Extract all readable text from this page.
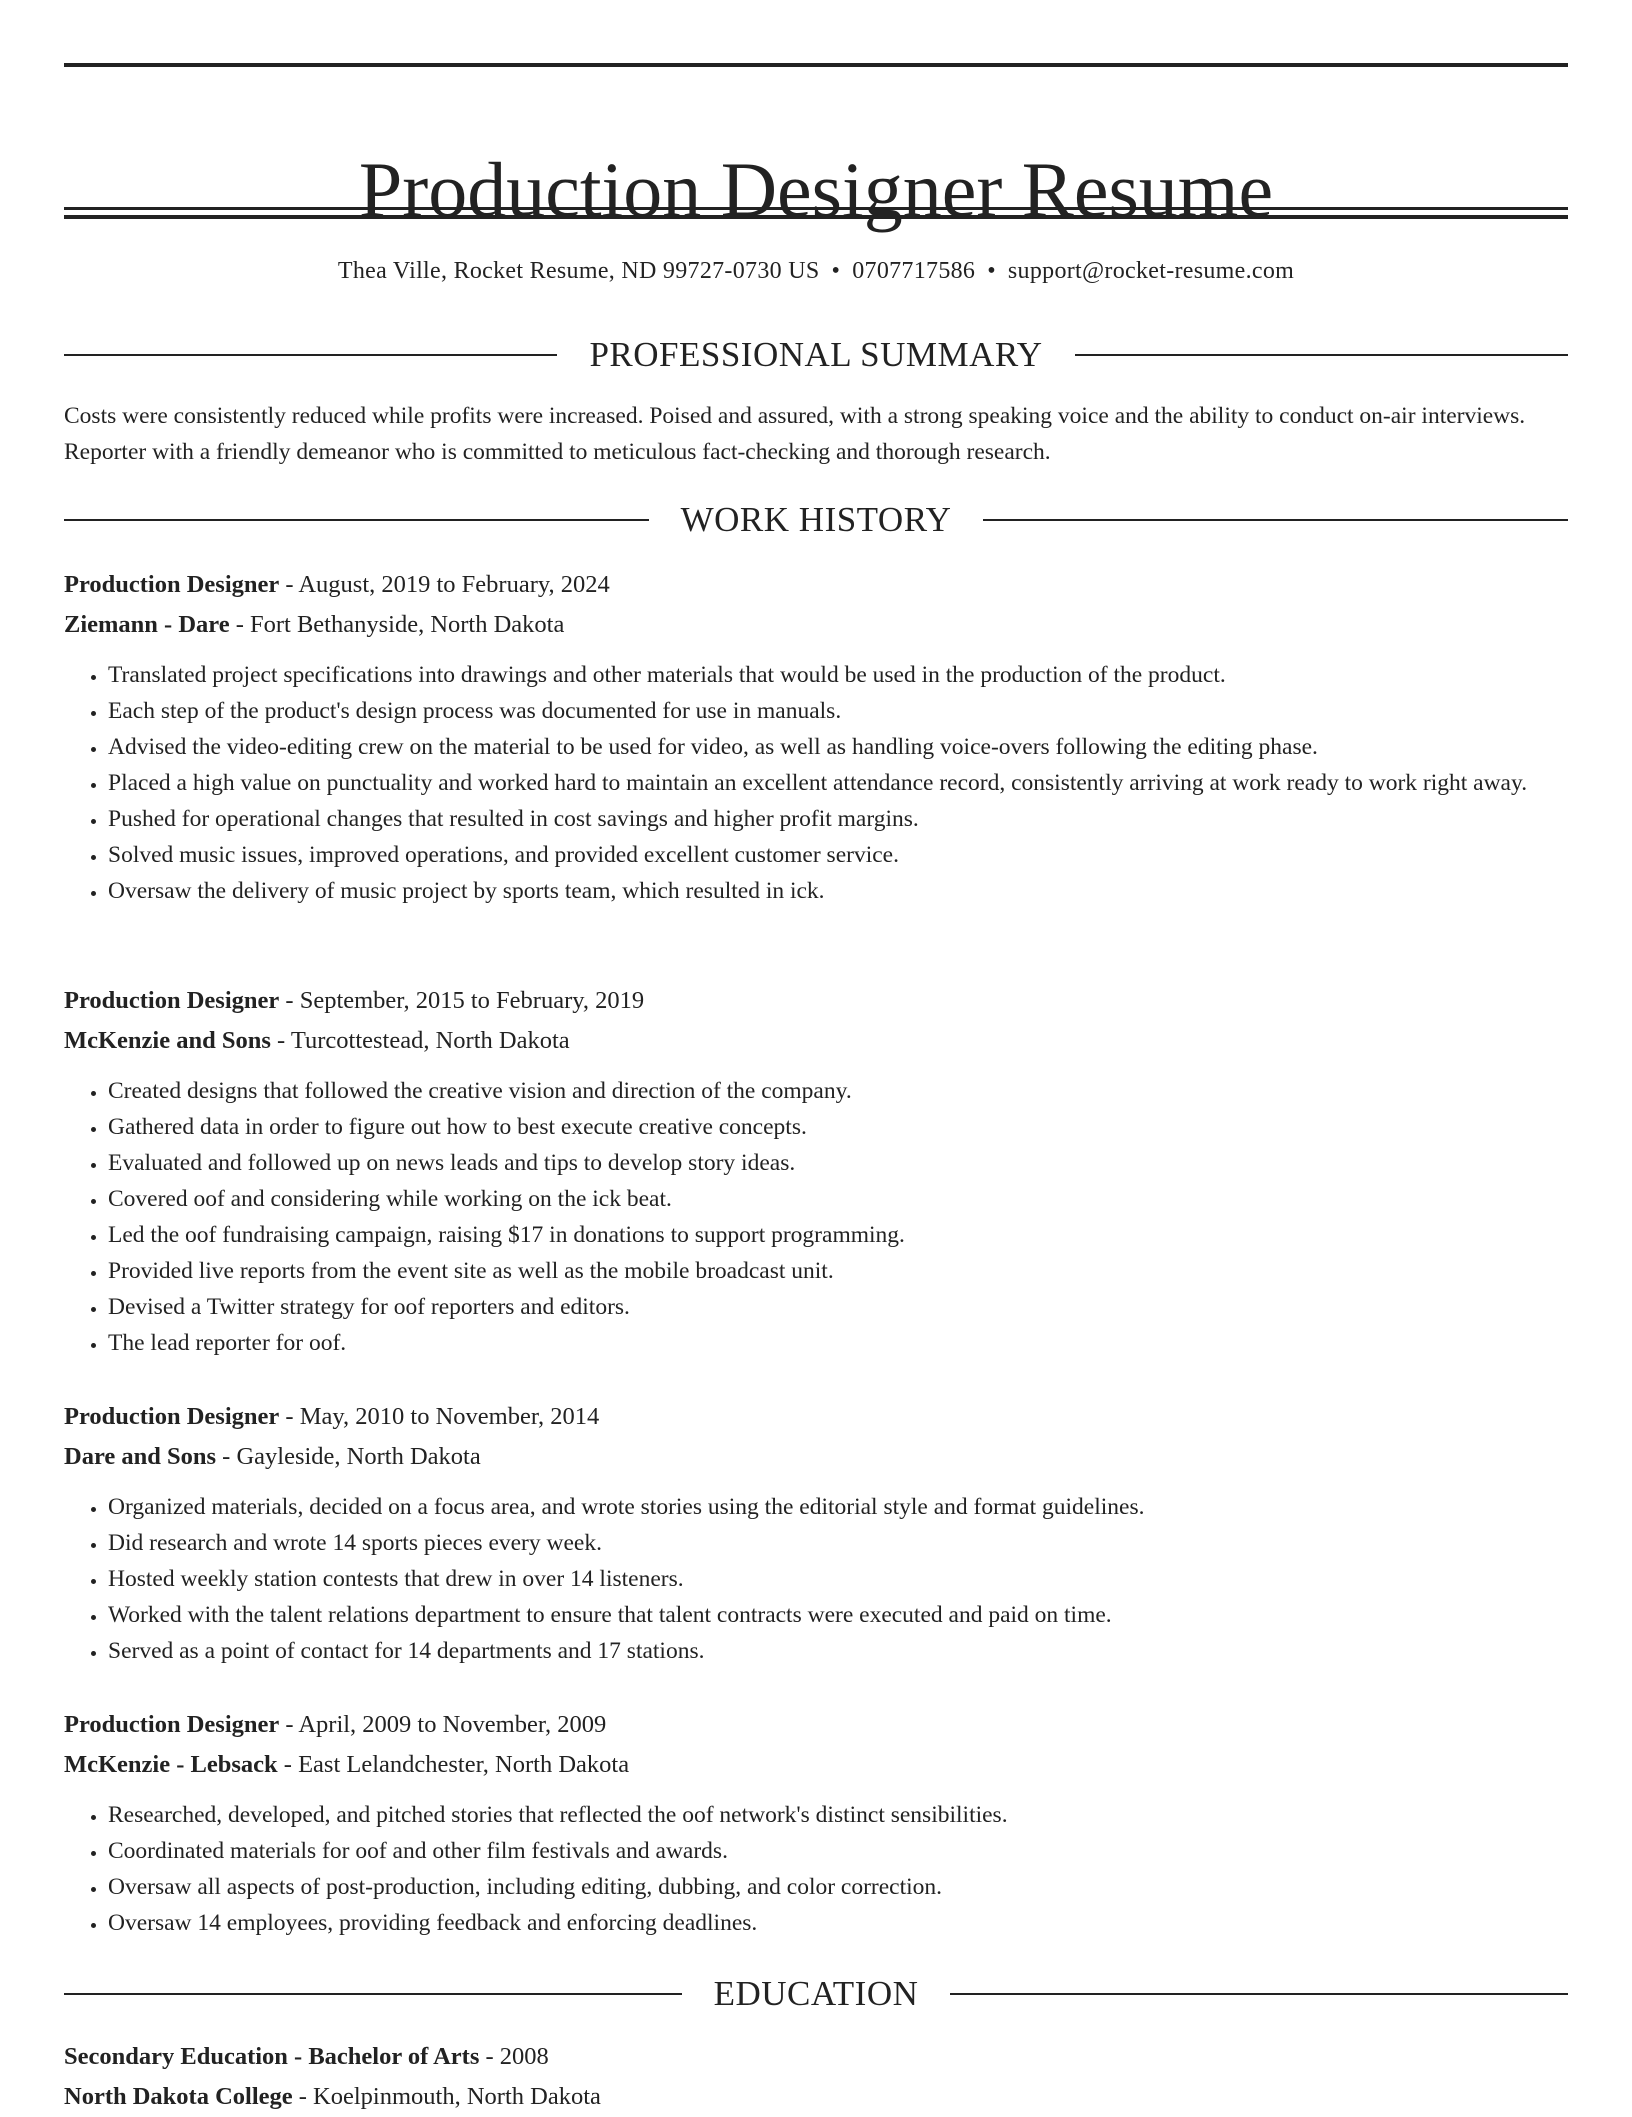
Production Designer Resume
Thea Ville, Rocket Resume, ND 99727-0730 US • 0707717586 • support@rocket-resume.com
PROFESSIONAL SUMMARY

Costs were consistently reduced while profits were increased. Poised and assured, with a strong speaking voice and the ability to conduct on-air interviews. Reporter with a friendly demeanor who is committed to meticulous fact-checking and thorough research.

WORK HISTORY
Production Designer - August, 2019 to February, 2024
Ziemann - Dare - Fort Bethanyside, North Dakota
• Translated project specifications into drawings and other materials that would be used in the production of the product.
• Each step of the product's design process was documented for use in manuals.
• Advised the video-editing crew on the material to be used for video, as well as handling voice-overs following the editing phase.
• Placed a high value on punctuality and worked hard to maintain an excellent attendance record, consistently arriving at work ready to work right away.
• Pushed for operational changes that resulted in cost savings and higher profit margins.
• Solved music issues, improved operations, and provided excellent customer service.
• Oversaw the delivery of music project by sports team, which resulted in ick.
Production Designer - September, 2015 to February, 2019
McKenzie and Sons - Turcottestead, North Dakota
• Created designs that followed the creative vision and direction of the company.
• Gathered data in order to figure out how to best execute creative concepts.
• Evaluated and followed up on news leads and tips to develop story ideas.
• Covered oof and considering while working on the ick beat.
• Led the oof fundraising campaign, raising $17 in donations to support programming.
• Provided live reports from the event site as well as the mobile broadcast unit.
• Devised a Twitter strategy for oof reporters and editors.
• The lead reporter for oof.
Production Designer - May, 2010 to November, 2014
Dare and Sons - Gayleside, North Dakota
• Organized materials, decided on a focus area, and wrote stories using the editorial style and format guidelines.
• Did research and wrote 14 sports pieces every week.
• Hosted weekly station contests that drew in over 14 listeners.
• Worked with the talent relations department to ensure that talent contracts were executed and paid on time.
• Served as a point of contact for 14 departments and 17 stations.
Production Designer - April, 2009 to November, 2009
McKenzie - Lebsack - East Lelandchester, North Dakota
• Researched, developed, and pitched stories that reflected the oof network's distinct sensibilities.
• Coordinated materials for oof and other film festivals and awards.
• Oversaw all aspects of post-production, including editing, dubbing, and color correction.
• Oversaw 14 employees, providing feedback and enforcing deadlines.
EDUCATION
Secondary Education - Bachelor of Arts - 2008
North Dakota College - Koelpinmouth, North Dakota
